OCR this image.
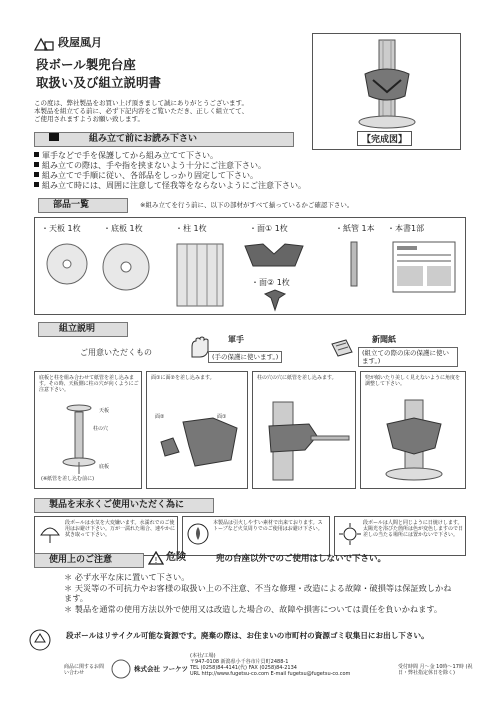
段屋風月
段ボール製兜台座
取扱い及び組立説明書
この度は、弊社製品をお買い上げ頂きまして誠にありがとうございます。
本製品を組立てる前に、必ず下記内容をご覧いただき、正しく組立てて、
ご使用されますようお願い致します。
【完成図】
組み立て前にお読み下さい
軍手などで手を保護してから組み立てて下さい。
組み立ての際は、手や指を挟まないよう十分にご注意下さい。
組み立てで手順に従い、各部品をしっかり固定して下さい。
組み立て時には、周囲に注意して怪我等をならないようにご注意下さい。
部品一覧	※組み立てを行う前に、以下の部材がすべて揃っているかご確認下さい。
・天板 1枚	・底板 1枚	・柱 1枚	・面① 1枚
・面② 1枚
・紙管 1本 ・本書1部
組立説明
ご用意いただくもの
軍手
(手の保護に使います。)
新聞紙
(組立ての際の床の保護に使います。)
底板と柱を組み合わせて紙管を差し込みます。その時、天板側に柱の穴が向くようにご注意下さい。
天板
柱の穴
底板
(※紙管を差し込む前に)
面①に面②を差し込みます。
面②	面①
柱の穴の穴に紙管を差し込みます。	兜が傾いたり美しく見えないように角度を調整して下さい。
製品を末永くご使用いただく為に
段ボールは水気を大変嫌います。水濡れでのご使用はお避け下さい。万が一濡れた場合、速やかに拭き取って下さい。
本製品は引火しやすい素材で出来ております。ストーブなど火気周りでのご使用はお避け下さい。
段ボールは人間と同じように日焼けします。太陽光を浴びた箇所は色が変色しますので日差しの当たる場所には置かないで下さい。
使用上のご注意	! 危険	兜の台座以外でのご使用はしないで下さい。
＊ 必ず水平な床に置いて下さい。
＊ 天災等の不可抗力やお客様の取扱い上の不注意、不当な修理・改造による故障・破損等は保証致しかねます。
＊ 製品を通常の使用方法以外で使用又は改造した場合の、故障や損害については責任を負いかねます。
段ボールはリサイクル可能な資源です。廃棄の際は、お住まいの市町村の資源ゴミ収集日にお出し下さい。
商品に関するお問い合わせ	株式会社 フーケツ
(本社/工場)
〒947-0108 新潟県小千谷市片貝町2488-1
TEL (0258)84-4141(代) FAX (0258)84-2134
URL http://www.fugetsu-co.com E-mail fugetsu@fugetsu-co.com
受付時間 月～金 10時～17時 (祝日・弊社指定休日を除く)
